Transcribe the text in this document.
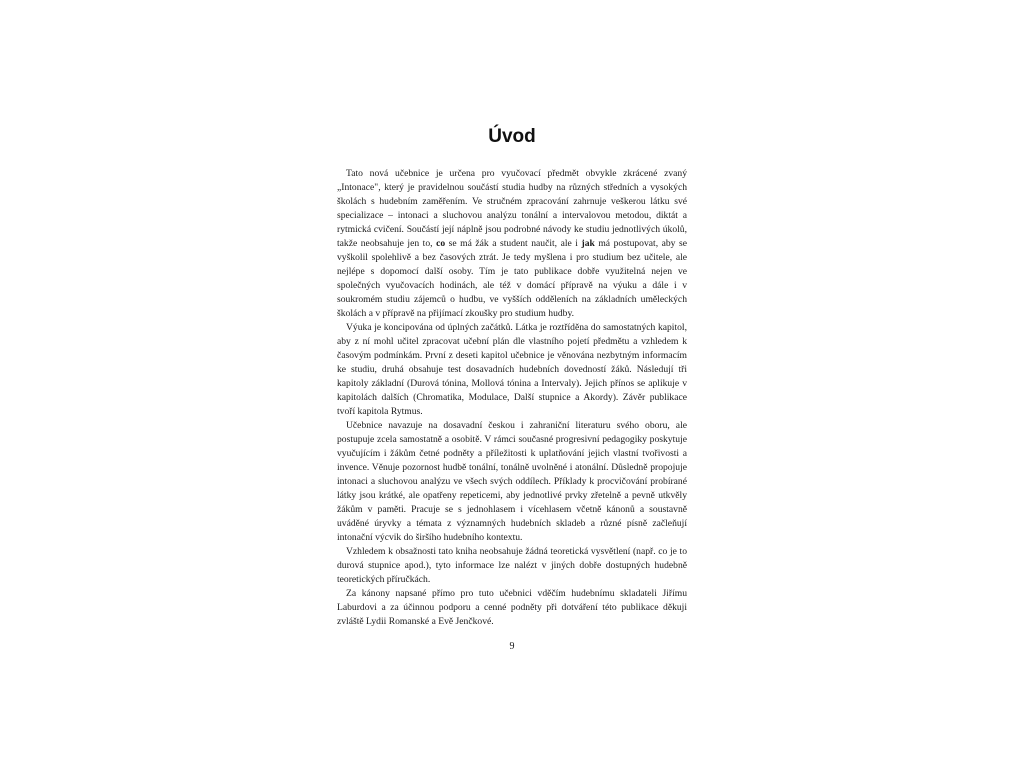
Úvod

Tato nová učebnice je určena pro vyučovací předmět obvykle zkrácené zvaný „Intonace", který je pravidelnou součástí studia hudby na různých středních a vysokých školách s hudebním zaměřením. Ve stručném zpracování zahrnuje veškerou látku své specializace – intonaci a sluchovou analýzu tonální a intervalovou metodou, diktát a rytmická cvičení. Součástí její náplně jsou podrobné návody ke studiu jednotlivých úkolů, takže neobsahuje jen to, co se má žák a student naučit, ale i jak má postupovat, aby se vyškolil spolehlivě a bez časových ztrát. Je tedy myšlena i pro studium bez učitele, ale nejlépe s dopomocí další osoby. Tím je tato publikace dobře využitelná nejen ve společných vyučovacích hodinách, ale též v domácí přípravě na výuku a dále i v soukromém studiu zájemců o hudbu, ve vyšších odděleních na základních uměleckých školách a v přípravě na přijímací zkoušky pro studium hudby.

Výuka je koncipována od úplných začátků. Látka je roztříděna do samostatných kapitol, aby z ní mohl učitel zpracovat učební plán dle vlastního pojetí předmětu a vzhledem k časovým podmínkám. První z deseti kapitol učebnice je věnována nezbytným informacím ke studiu, druhá obsahuje test dosavadních hudebních dovedností žáků. Následují tři kapitoly základní (Durová tónina, Mollová tónina a Intervaly). Jejich přínos se aplikuje v kapitolách dalších (Chromatika, Modulace, Další stupnice a Akordy). Závěr publikace tvoří kapitola Rytmus.

Učebnice navazuje na dosavadní českou i zahraniční literaturu svého oboru, ale postupuje zcela samostatně a osobitě. V rámci současné progresivní pedagogiky poskytuje vyučujícím i žákům četné podněty a příležitosti k uplatňování jejich vlastní tvořivosti a invence. Věnuje pozornost hudbě tonální, tonálně uvolněné i atonální. Důsledně propojuje intonaci a sluchovou analýzu ve všech svých oddílech. Příklady k procvičování probírané látky jsou krátké, ale opatřeny repeticemi, aby jednotlivé prvky zřetelně a pevně utkvěly žákům v paměti. Pracuje se s jednohlasem i vícehlasem včetně kánonů a soustavně uváděné úryvky a témata z významných hudebních skladeb a různé písně začleňují intonační výcvik do širšího hudebního kontextu.

Vzhledem k obsažnosti tato kniha neobsahuje žádná teoretická vysvětlení (např. co je to durová stupnice apod.), tyto informace lze nalézt v jiných dobře dostupných hudebně teoretických příručkách.

Za kánony napsané přímo pro tuto učebnici vděčím hudebnímu skladateli Jiřímu Laburdovi a za účinnou podporu a cenné podněty při dotváření této publikace děkuji zvláště Lydii Romanské a Evě Jenčkové.

9
